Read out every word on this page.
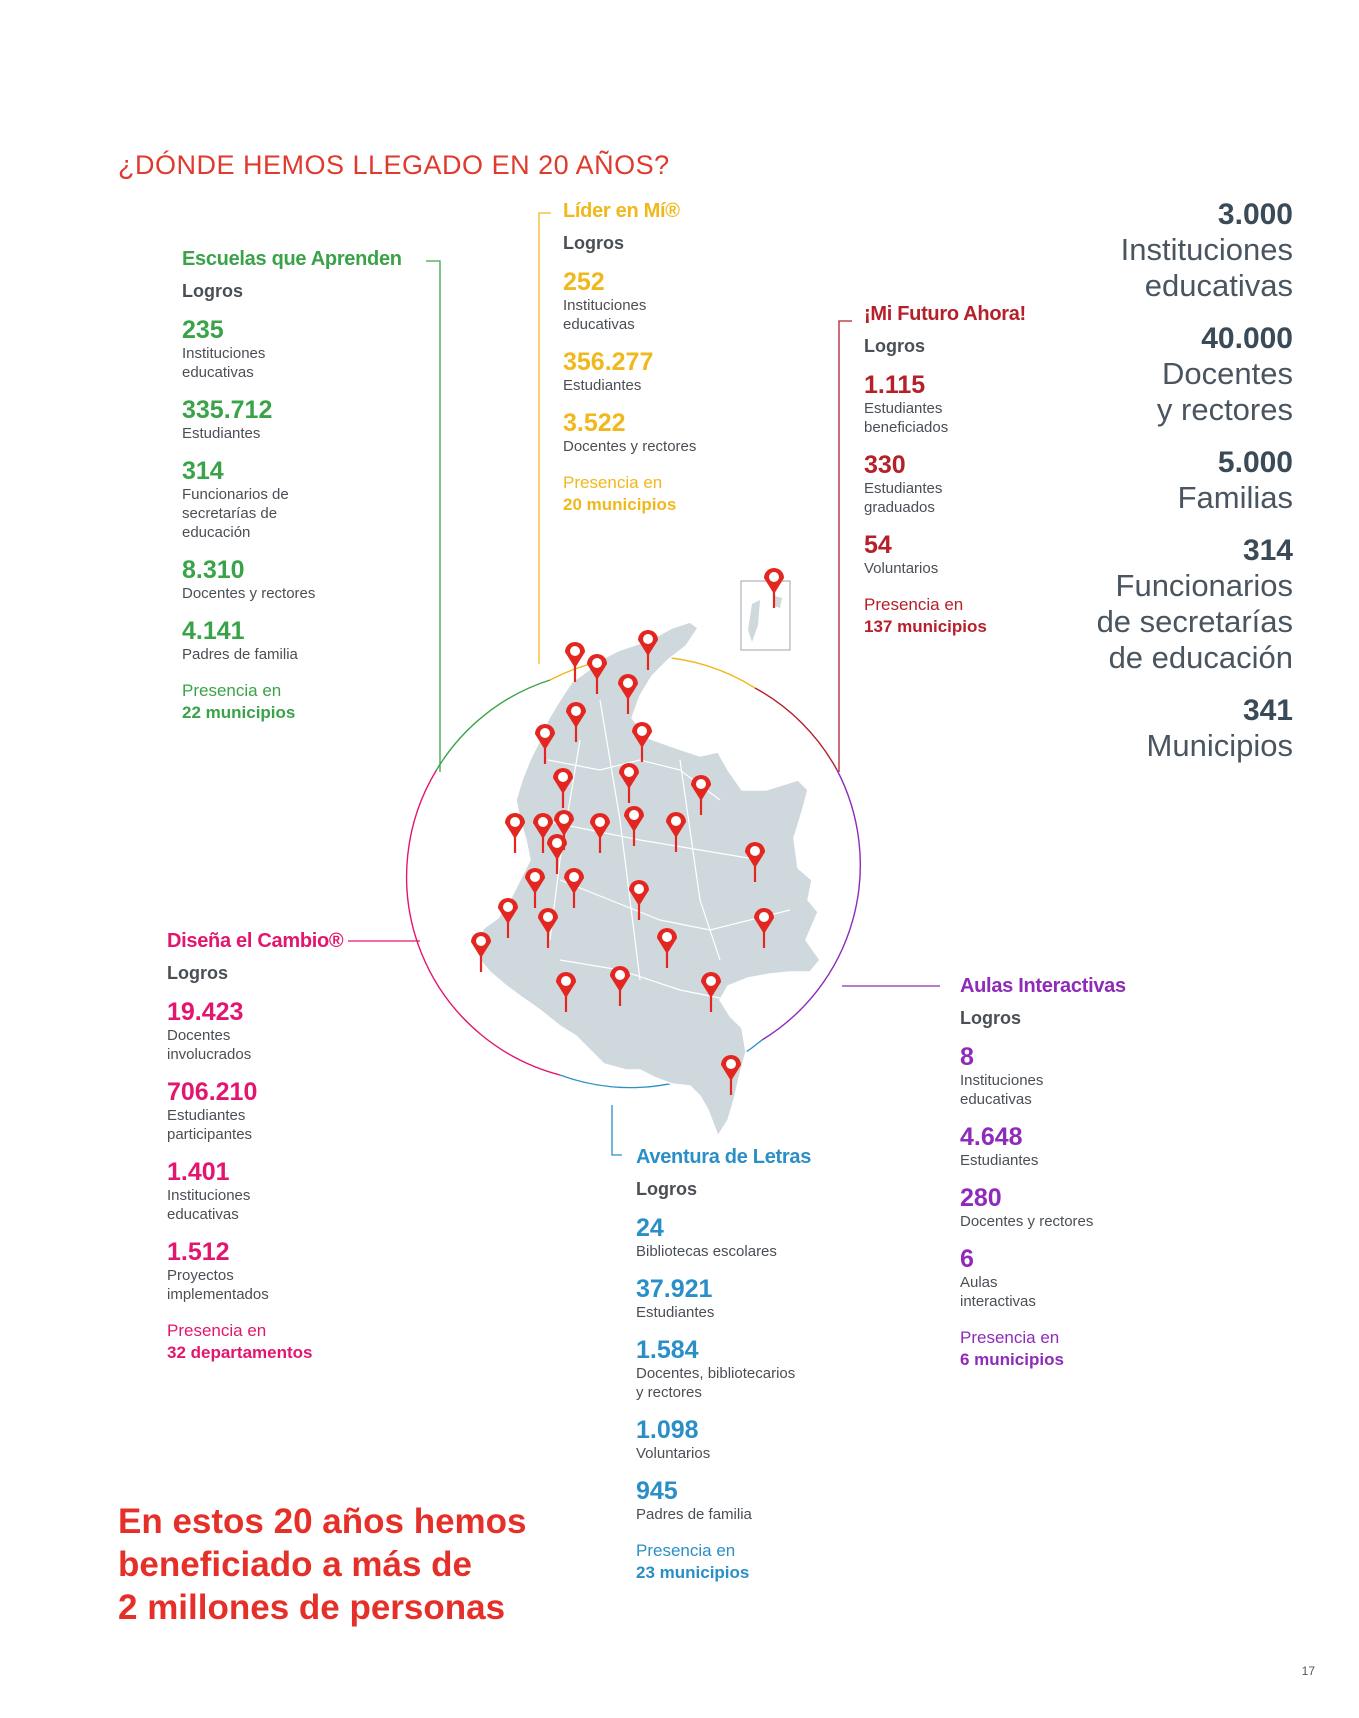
¿DÓNDE HEMOS LLEGADO EN 20 AÑOS?
Escuelas que Aprenden
Logros
235
Instituciones
educativas
335.712
Estudiantes
314
Funcionarios de
secretarías de
educación
8.310
Docentes y rectores
4.141
Padres de familia
Presencia en
22 municipios
Líder en Mí®
Logros
252
Instituciones
educativas
356.277
Estudiantes
3.522
Docentes y rectores
Presencia en
20 municipios
¡Mi Futuro Ahora!
Logros
1.115
Estudiantes
beneficiados
330
Estudiantes
graduados
54
Voluntarios
Presencia en
137 municipios
Diseña el Cambio®
Logros
19.423
Docentes
involucrados
706.210
Estudiantes
participantes
1.401
Instituciones
educativas
1.512
Proyectos
implementados
Presencia en
32 departamentos
Aulas Interactivas
Logros
8
Instituciones
educativas
4.648
Estudiantes
280
Docentes y rectores
6
Aulas
interactivas
Presencia en
6 municipios
Aventura de Letras
Logros
24
Bibliotecas escolares
37.921
Estudiantes
1.584
Docentes, bibliotecarios
y rectores
1.098
Voluntarios
945
Padres de familia
Presencia en
23 municipios
3.000
Instituciones
educativas
40.000
Docentes
y rectores
5.000
Familias
314
Funcionarios
de secretarías
de educación
341
Municipios
En estos 20 años hemos beneficiado a más de
2 millones de personas
17
